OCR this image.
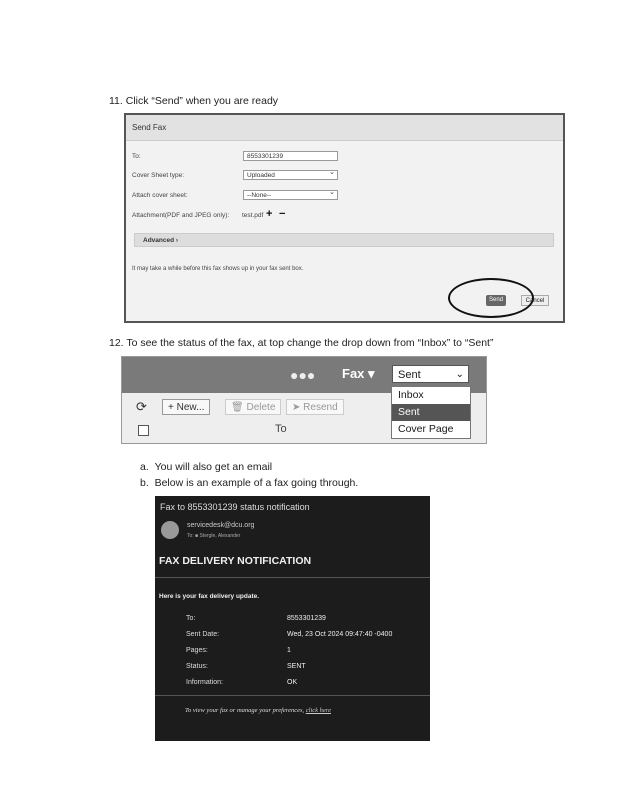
11. Click “Send” when you are ready
Send Fax
To:	8553301239
Cover Sheet type:	Uploaded ⌄
Attach cover sheet:	--None-- ⌄
Attachment(PDF and JPEG only): test.pdf + −
Advanced ›
It may take a while before this fax shows up in your fax sent box.
Send	Cancel
12. To see the status of the fax, at top change the drop down from “Inbox” to “Sent”
●●● Fax ▾	Sent	⌄
⟳	+ New...	🗑 Delete	➤ Resend
To
Inbox
Sent
Cover Page
a.  You will also get an email
b.  Below is an example of a fax going through.
Fax to 8553301239 status notification
servicedesk@dcu.org
To: ■ Stergle, Alexander
FAX DELIVERY NOTIFICATION
Here is your fax delivery update.
To:	8553301239
Sent Date:	Wed, 23 Oct 2024 09:47:40 -0400
Pages:	1
Status:	SENT
Information:	OK
To view your fax or manage your preferences, click here
